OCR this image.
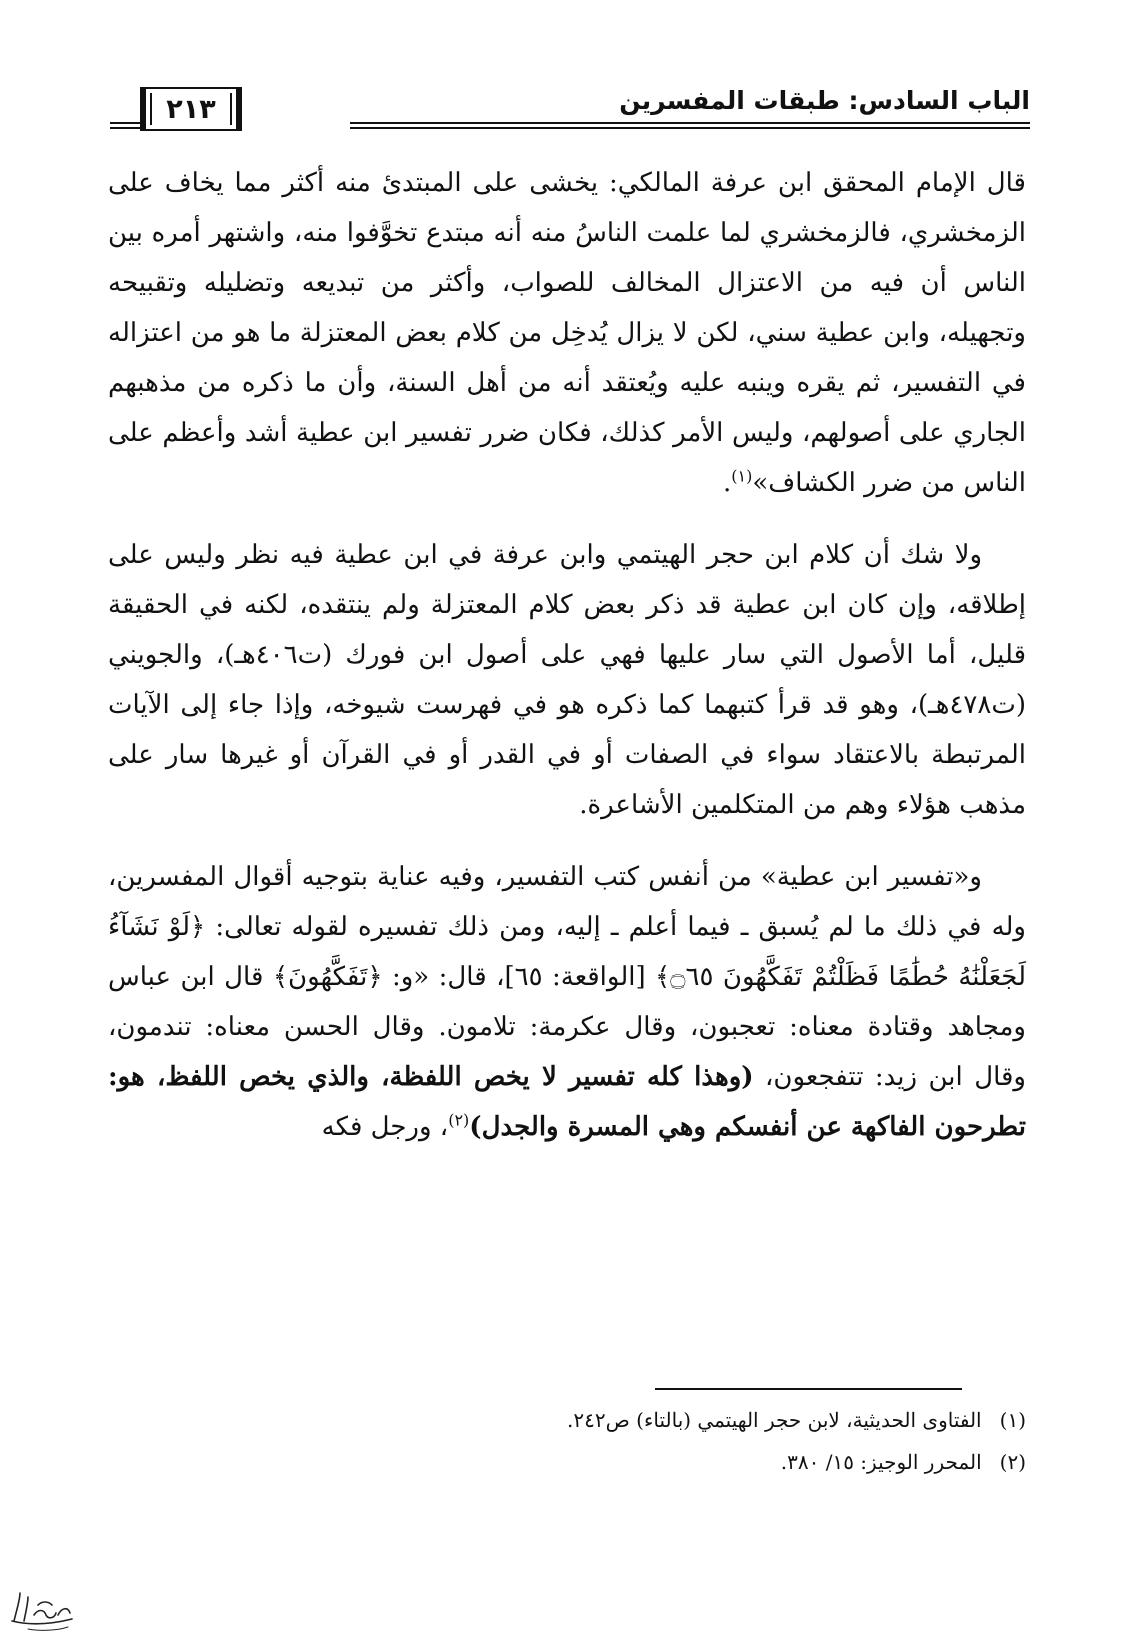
٢١٣	الباب السادس: طبقات المفسرين

قال الإمام المحقق ابن عرفة المالكي: يخشى على المبتدئ منه أكثر مما يخاف على الزمخشري، فالزمخشري لما علمت الناسُ منه أنه مبتدع تخوَّفوا منه، واشتهر أمره بين الناس أن فيه من الاعتزال المخالف للصواب، وأكثر من تبديعه وتضليله وتقبيحه وتجهيله، وابن عطية سني، لكن لا يزال يُدخِل من كلام بعض المعتزلة ما هو من اعتزاله في التفسير، ثم يقره وينبه عليه ويُعتقد أنه من أهل السنة، وأن ما ذكره من مذهبهم الجاري على أصولهم، وليس الأمر كذلك، فكان ضرر تفسير ابن عطية أشد وأعظم على الناس من ضرر الكشاف»$^{(١)}$.

ولا شك أن كلام ابن حجر الهيتمي وابن عرفة في ابن عطية فيه نظر وليس على إطلاقه، وإن كان ابن عطية قد ذكر بعض كلام المعتزلة ولم ينتقده، لكنه في الحقيقة قليل، أما الأصول التي سار عليها فهي على أصول ابن فورك (ت٤٠٦هـ)، والجويني (ت٤٧٨هـ)، وهو قد قرأ كتبهما كما ذكره هو في فهرست شيوخه، وإذا جاء إلى الآيات المرتبطة بالاعتقاد سواء في الصفات أو في القدر أو في القرآن أو غيرها سار على مذهب هؤلاء وهم من المتكلمين الأشاعرة.

و«تفسير ابن عطية» من أنفس كتب التفسير، وفيه عناية بتوجيه أقوال المفسرين، وله في ذلك ما لم يُسبق ـ فيما أعلم ـ إليه، ومن ذلك تفسيره لقوله تعالى: ﴿لَوْ نَشَآءُ لَجَعَلْنَٰهُ حُطَٰمًا فَظَلْتُمْ تَفَكَّهُونَ ۝٦٥﴾ [الواقعة: ٦٥]، قال: «و: ﴿تَفَكَّهُونَ﴾ قال ابن عباس ومجاهد وقتادة معناه: تعجبون، وقال عكرمة: تلامون. وقال الحسن معناه: تندمون، وقال ابن زيد: تتفجعون، (وهذا كله تفسير لا يخص اللفظة، والذي يخص اللفظ، هو: تطرحون الفاكهة عن أنفسكم وهي المسرة والجدل)$^{(٢)}$، ورجل فكه

(١)الفتاوى الحديثية، لابن حجر الهيتمي (بالتاء) ص٢٤٢.

(٢)المحرر الوجيز: ١٥/ ٣٨٠.
